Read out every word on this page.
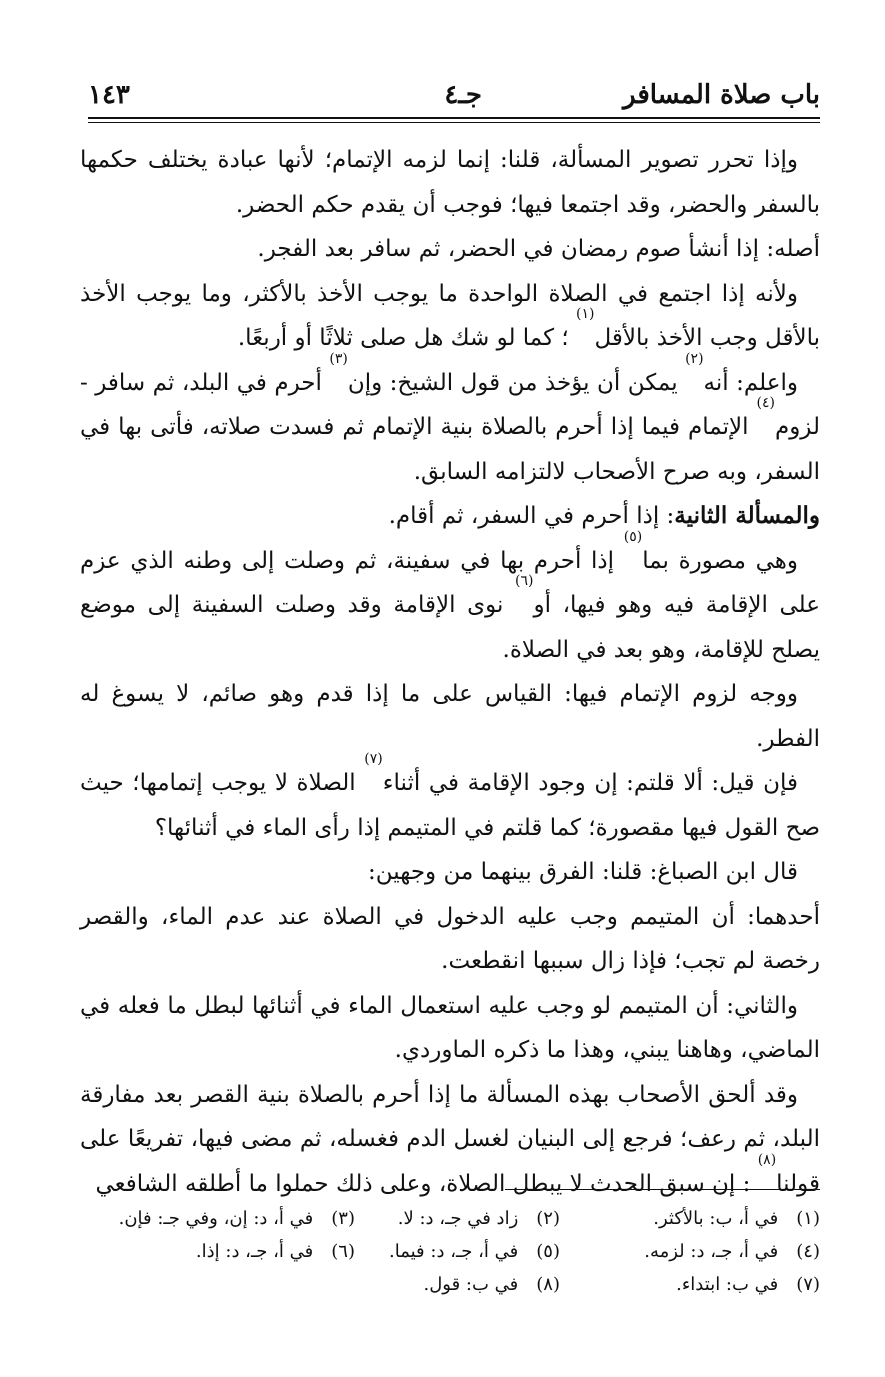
باب صلاة المسافر
جـ٤
١٤٣

وإذا تحرر تصوير المسألة، قلنا: إنما لزمه الإتمام؛ لأنها عبادة يختلف حكمها بالسفر والحضر، وقد اجتمعا فيها؛ فوجب أن يقدم حكم الحضر.

أصله: إذا أنشأ صوم رمضان في الحضر، ثم سافر بعد الفجر.

ولأنه إذا اجتمع في الصلاة الواحدة ما يوجب الأخذ بالأكثر، وما يوجب الأخذ بالأقل وجب الأخذ بالأقل$^{(١)}$ ؛ كما لو شك هل صلى ثلاثًا أو أربعًا.

واعلم: أنه$^{(٢)}$ يمكن أن يؤخذ من قول الشيخ: وإن$^{(٣)}$ أحرم في البلد، ثم سافر - لزوم$^{(٤)}$ الإتمام فيما إذا أحرم بالصلاة بنية الإتمام ثم فسدت صلاته، فأتى بها في السفر، وبه صرح الأصحاب لالتزامه السابق.

والمسألة الثانية: إذا أحرم في السفر، ثم أقام.

وهي مصورة بما$^{(٥)}$ إذا أحرم بها في سفينة، ثم وصلت إلى وطنه الذي عزم على الإقامة فيه وهو فيها، أو$^{(٦)}$ نوى الإقامة وقد وصلت السفينة إلى موضع يصلح للإقامة، وهو بعد في الصلاة.

ووجه لزوم الإتمام فيها: القياس على ما إذا قدم وهو صائم، لا يسوغ له الفطر.

فإن قيل: ألا قلتم: إن وجود الإقامة في أثناء$^{(٧)}$ الصلاة لا يوجب إتمامها؛ حيث صح القول فيها مقصورة؛ كما قلتم في المتيمم إذا رأى الماء في أثنائها؟

قال ابن الصباغ: قلنا: الفرق بينهما من وجهين:

أحدهما: أن المتيمم وجب عليه الدخول في الصلاة عند عدم الماء، والقصر رخصة لم تجب؛ فإذا زال سببها انقطعت.

والثاني: أن المتيمم لو وجب عليه استعمال الماء في أثنائها لبطل ما فعله في الماضي، وهاهنا يبني، وهذا ما ذكره الماوردي.

وقد ألحق الأصحاب بهذه المسألة ما إذا أحرم بالصلاة بنية القصر بعد مفارقة البلد، ثم رعف؛ فرجع إلى البنيان لغسل الدم فغسله، ثم مضى فيها، تفريعًا على قولنا$^{(٨)}$ : إن سبق الحدث لا يبطل الصلاة، وعلى ذلك حملوا ما أطلقه الشافعي

(١)في أ، ب: بالأكثر.
(٢)زاد في جـ، د: لا.
(٣)في أ، د: إن، وفي جـ: فإن.
(٤)في أ، جـ، د: لزمه.
(٥)في أ، جـ، د: فيما.
(٦)في أ، جـ، د: إذا.
(٧)في ب: ابتداء.
(٨)في ب: قول.
